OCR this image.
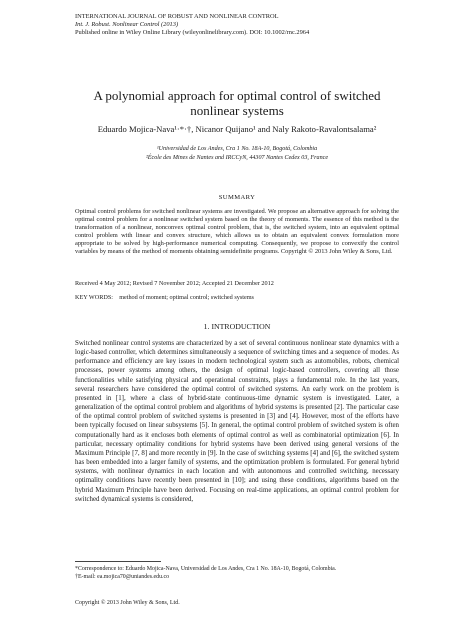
INTERNATIONAL JOURNAL OF ROBUST AND NONLINEAR CONTROL
Int. J. Robust. Nonlinear Control (2013)
Published online in Wiley Online Library (wileyonlinelibrary.com). DOI: 10.1002/rnc.2964
A polynomial approach for optimal control of switched
nonlinear systems
Eduardo Mojica-Nava¹·*·†, Nicanor Quijano¹ and Naly Rakoto-Ravalontsalama²
¹Universidad de Los Andes, Cra 1 No. 18A-10, Bogotá, Colombia
²École des Mines de Nantes and IRCCyN, 44307 Nantes Cedex 03, France
SUMMARY
Optimal control problems for switched nonlinear systems are investigated. We propose an alternative approach for solving the optimal control problem for a nonlinear switched system based on the theory of moments. The essence of this method is the transformation of a nonlinear, nonconvex optimal control problem, that is, the switched system, into an equivalent optimal control problem with linear and convex structure, which allows us to obtain an equivalent convex formulation more appropriate to be solved by high-performance numerical computing. Consequently, we propose to convexify the control variables by means of the method of moments obtaining semidefinite programs. Copyright © 2013 John Wiley & Sons, Ltd.
Received 4 May 2012; Revised 7 November 2012; Accepted 21 December 2012
KEY WORDS: method of moment; optimal control; switched systems
1. INTRODUCTION
Switched nonlinear control systems are characterized by a set of several continuous nonlinear state dynamics with a logic-based controller, which determines simultaneously a sequence of switching times and a sequence of modes. As performance and efficiency are key issues in modern technological system such as automobiles, robots, chemical processes, power systems among others, the design of optimal logic-based controllers, covering all those functionalities while satisfying physical and operational constraints, plays a fundamental role. In the last years, several researchers have considered the optimal control of switched systems. An early work on the problem is presented in [1], where a class of hybrid-state continuous-time dynamic system is investigated. Later, a generalization of the optimal control problem and algorithms of hybrid systems is presented [2]. The particular case of the optimal control problem of switched systems is presented in [3] and [4]. However, most of the efforts have been typically focused on linear subsystems [5]. In general, the optimal control problem of switched system is often computationally hard as it encloses both elements of optimal control as well as combinatorial optimization [6]. In particular, necessary optimality conditions for hybrid systems have been derived using general versions of the Maximum Principle [7, 8] and more recently in [9]. In the case of switching systems [4] and [6], the switched system has been embedded into a larger family of systems, and the optimization problem is formulated. For general hybrid systems, with nonlinear dynamics in each location and with autonomous and controlled switching, necessary optimality conditions have recently been presented in [10]; and using these conditions, algorithms based on the hybrid Maximum Principle have been derived. Focusing on real-time applications, an optimal control problem for switched dynamical systems is considered,
*Correspondence to: Eduardo Mojica-Nava, Universidad de Los Andes, Cra 1 No. 18A-10, Bogotá, Colombia.
†E-mail: ea.mojica70@uniandes.edu.co
Copyright © 2013 John Wiley & Sons, Ltd.
